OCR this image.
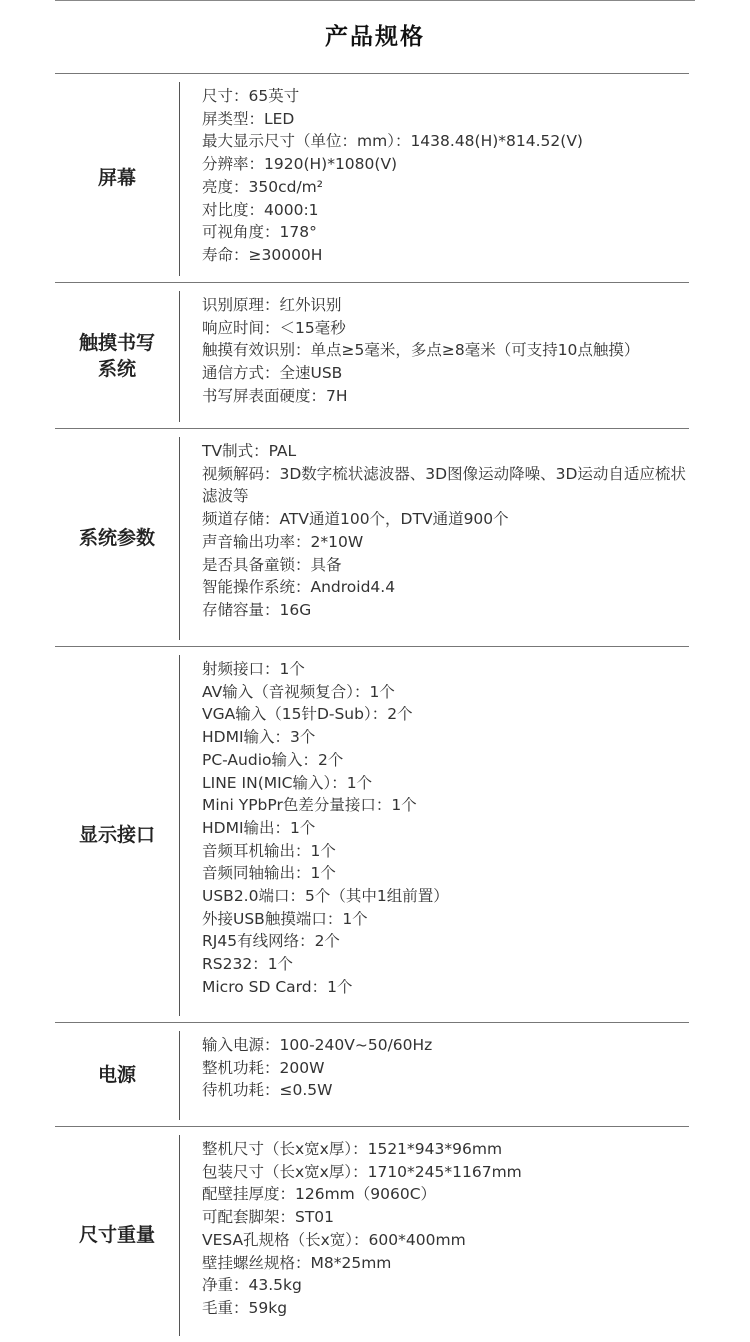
产品规格
屏幕
尺寸：65英寸
屏类型：LED
最大显示尺寸（单位：mm）：1438.48(H)*814.52(V)
分辨率：1920(H)*1080(V)
亮度：350cd/m²
对比度：4000:1
可视角度：178°
寿命：≥30000H
触摸书写
系统
识别原理：红外识别
响应时间：＜15毫秒
触摸有效识别：单点≥5毫米，多点≥8毫米（可支持10点触摸）
通信方式：全速USB
书写屏表面硬度：7H
系统参数
TV制式：PAL
视频解码：3D数字梳状滤波器、3D图像运动降噪、3D运动自适应梳状滤波等
频道存储：ATV通道100个，DTV通道900个
声音输出功率：2*10W
是否具备童锁：具备
智能操作系统：Android4.4
存储容量：16G
显示接口
射频接口：1个
AV输入（音视频复合）：1个
VGA输入（15针D-Sub）：2个
HDMI输入：3个
PC-Audio输入：2个
LINE IN(MIC输入）：1个
Mini YPbPr色差分量接口：1个
HDMI输出：1个
音频耳机输出：1个
音频同轴输出：1个
USB2.0端口：5个（其中1组前置）
外接USB触摸端口：1个
RJ45有线网络：2个
RS232：1个
Micro SD Card：1个
电源
输入电源：100-240V~50/60Hz
整机功耗：200W
待机功耗：≤0.5W
尺寸重量
整机尺寸（长x宽x厚）：1521*943*96mm
包装尺寸（长x宽x厚）：1710*245*1167mm
配壁挂厚度：126mm（9060C）
可配套脚架：ST01
VESA孔规格（长x宽）：600*400mm
壁挂螺丝规格：M8*25mm
净重：43.5kg
毛重：59kg
